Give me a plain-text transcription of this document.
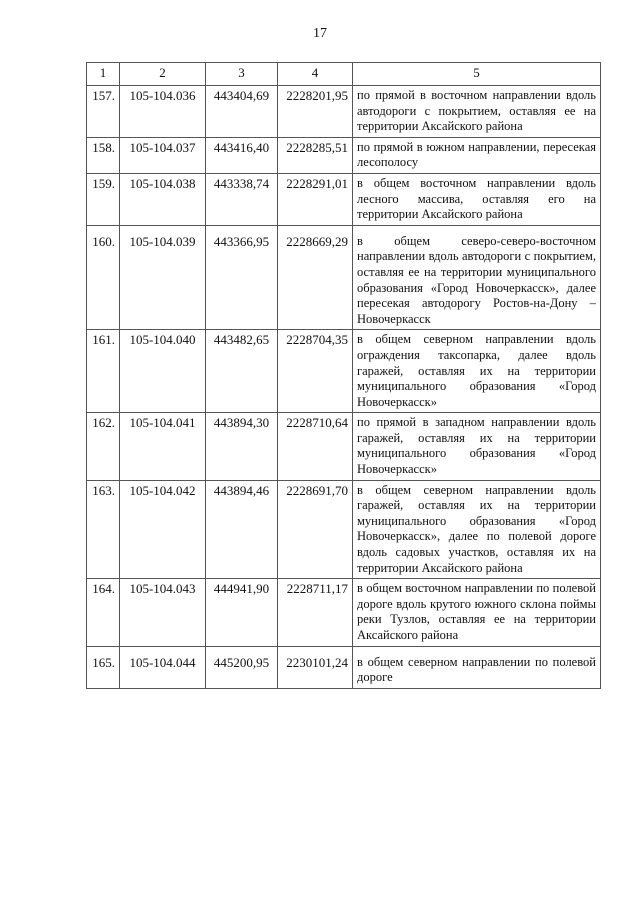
17
1	2	3	4	5
157.	105-104.036	443404,69	2228201,95	по прямой в восточном направлении вдоль автодороги с покрытием, оставляя ее на территории Аксайского района
158.	105-104.037	443416,40	2228285,51	по прямой в южном направлении, пересекая лесополосу
159.	105-104.038	443338,74	2228291,01	в общем восточном направлении вдоль лесного массива, оставляя его на территории Аксайского района
160.	105-104.039	443366,95	2228669,29	в общем северо-северо-восточном направлении вдоль автодороги с покрытием, оставляя ее на территории муниципального образования «Город Новочеркасск», далее пересекая автодорогу Ростов-на-Дону – Новочеркасск
161.	105-104.040	443482,65	2228704,35	в общем северном направлении вдоль ограждения таксопарка, далее вдоль гаражей, оставляя их на территории муниципального образования «Город Новочеркасск»
162.	105-104.041	443894,30	2228710,64	по прямой в западном направлении вдоль гаражей, оставляя их на территории муниципального образования «Город Новочеркасск»
163.	105-104.042	443894,46	2228691,70	в общем северном направлении вдоль гаражей, оставляя их на территории муниципального образования «Город Новочеркасск», далее по полевой дороге вдоль садовых участков, оставляя их на территории Аксайского района
164.	105-104.043	444941,90	2228711,17	в общем восточном направлении по полевой дороге вдоль крутого южного склона поймы реки Тузлов, оставляя ее на территории Аксайского района
165.	105-104.044	445200,95	2230101,24	в общем северном направлении по полевой дороге
